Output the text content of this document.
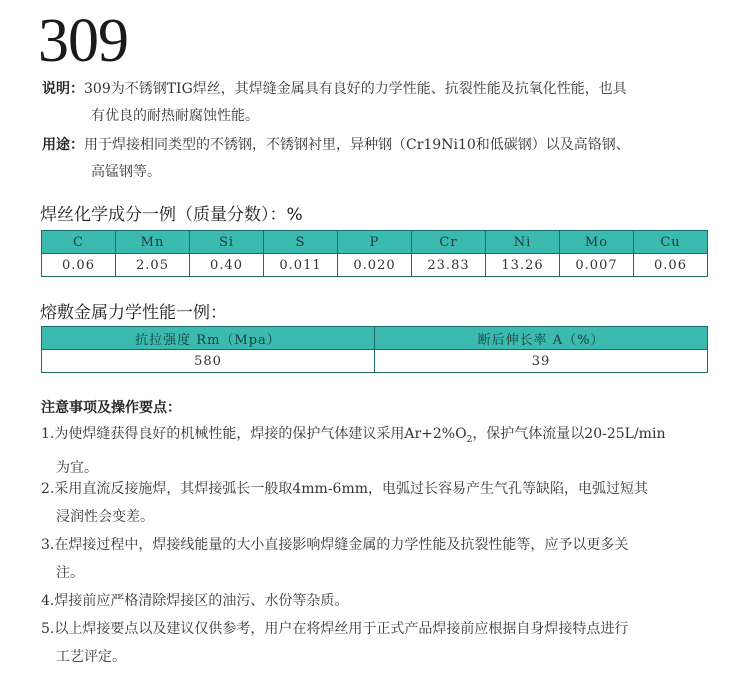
309
说明：309为不锈钢TIG焊丝，其焊缝金属具有良好的力学性能、抗裂性能及抗氧化性能，也具
有优良的耐热耐腐蚀性能。
用途：用于焊接相同类型的不锈钢，不锈钢衬里，异种钢（Cr19Ni10和低碳钢）以及高铬钢、
高锰钢等。
焊丝化学成分一例（质量分数）：%
C	Mn	Si	S	P	Cr	Ni	Mo	Cu
0.06	2.05	0.40	0.011	0.020	23.83	13.26	0.007	0.06
熔敷金属力学性能一例：
抗拉强度 Rm（Mpa）	断后伸长率 A（%）
580	39
注意事项及操作要点：
1.为使焊缝获得良好的机械性能，焊接的保护气体建议采用$Ar+2\%O_2$，保护气体流量以20-25L/min
为宜。
2.采用直流反接施焊，其焊接弧长一般取4mm-6mm，电弧过长容易产生气孔等缺陷，电弧过短其
浸润性会变差。
3.在焊接过程中，焊接线能量的大小直接影响焊缝金属的力学性能及抗裂性能等，应予以更多关
注。
4.焊接前应严格清除焊接区的油污、水份等杂质。
5.以上焊接要点以及建议仅供参考，用户在将焊丝用于正式产品焊接前应根据自身焊接特点进行
工艺评定。
